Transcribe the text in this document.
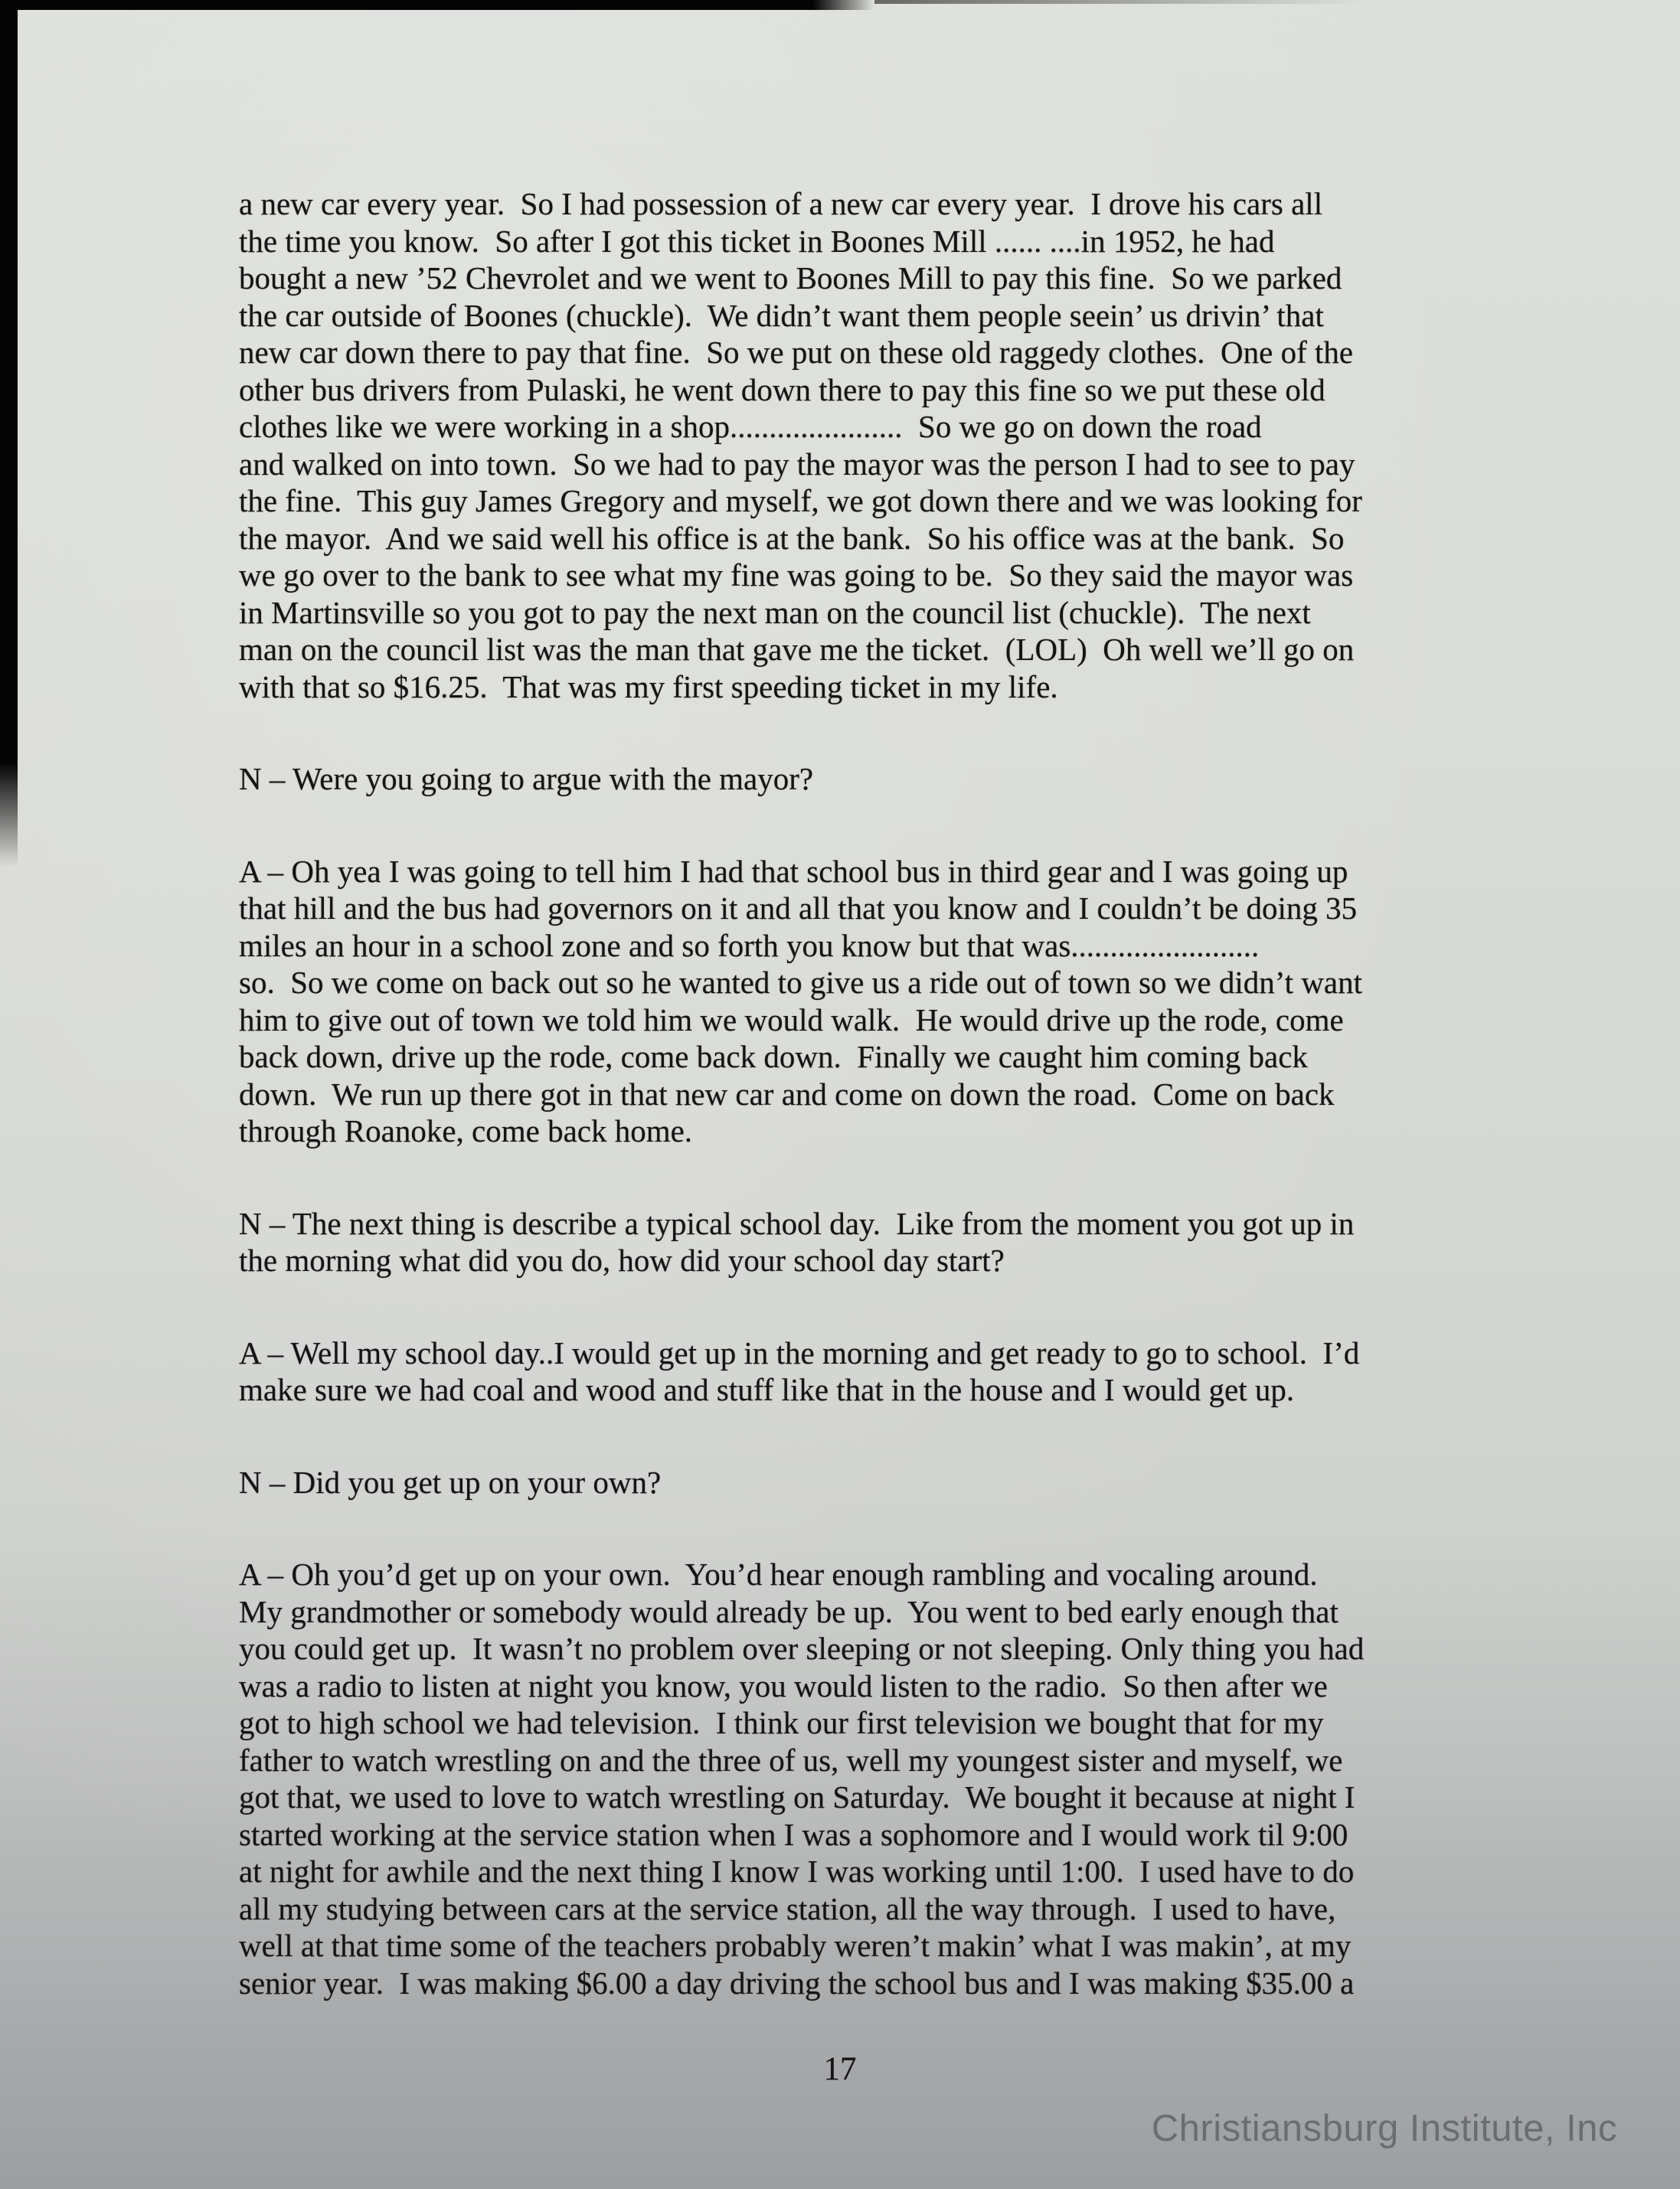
a new car every year.  So I had possession of a new car every year.  I drove his cars all
the time you know.  So after I got this ticket in Boones Mill ...... ....in 1952, he had
bought a new ’52 Chevrolet and we went to Boones Mill to pay this fine.  So we parked
the car outside of Boones (chuckle).  We didn’t want them people seein’ us drivin’ that
new car down there to pay that fine.  So we put on these old raggedy clothes.  One of the
other bus drivers from Pulaski, he went down there to pay this fine so we put these old
clothes like we were working in a shop......................  So we go on down the road
and walked on into town.  So we had to pay the mayor was the person I had to see to pay
the fine.  This guy James Gregory and myself, we got down there and we was looking for
the mayor.  And we said well his office is at the bank.  So his office was at the bank.  So
we go over to the bank to see what my fine was going to be.  So they said the mayor was
in Martinsville so you got to pay the next man on the council list (chuckle).  The next
man on the council list was the man that gave me the ticket.  (LOL)  Oh well we’ll go on
with that so $16.25.  That was my first speeding ticket in my life.

N – Were you going to argue with the mayor?

A – Oh yea I was going to tell him I had that school bus in third gear and I was going up
that hill and the bus had governors on it and all that you know and I couldn’t be doing 35
miles an hour in a school zone and so forth you know but that was........................
so.  So we come on back out so he wanted to give us a ride out of town so we didn’t want
him to give out of town we told him we would walk.  He would drive up the rode, come
back down, drive up the rode, come back down.  Finally we caught him coming back
down.  We run up there got in that new car and come on down the road.  Come on back
through Roanoke, come back home.

N – The next thing is describe a typical school day.  Like from the moment you got up in
the morning what did you do, how did your school day start?

A – Well my school day..I would get up in the morning and get ready to go to school.  I’d
make sure we had coal and wood and stuff like that in the house and I would get up.

N – Did you get up on your own?

A – Oh you’d get up on your own.  You’d hear enough rambling and vocaling around.
My grandmother or somebody would already be up.  You went to bed early enough that
you could get up.  It wasn’t no problem over sleeping or not sleeping. Only thing you had
was a radio to listen at night you know, you would listen to the radio.  So then after we
got to high school we had television.  I think our first television we bought that for my
father to watch wrestling on and the three of us, well my youngest sister and myself, we
got that, we used to love to watch wrestling on Saturday.  We bought it because at night I
started working at the service station when I was a sophomore and I would work til 9:00
at night for awhile and the next thing I know I was working until 1:00.  I used have to do
all my studying between cars at the service station, all the way through.  I used to have,
well at that time some of the teachers probably weren’t makin’ what I was makin’, at my
senior year.  I was making $6.00 a day driving the school bus and I was making $35.00 a

17
Christiansburg Institute, Inc
